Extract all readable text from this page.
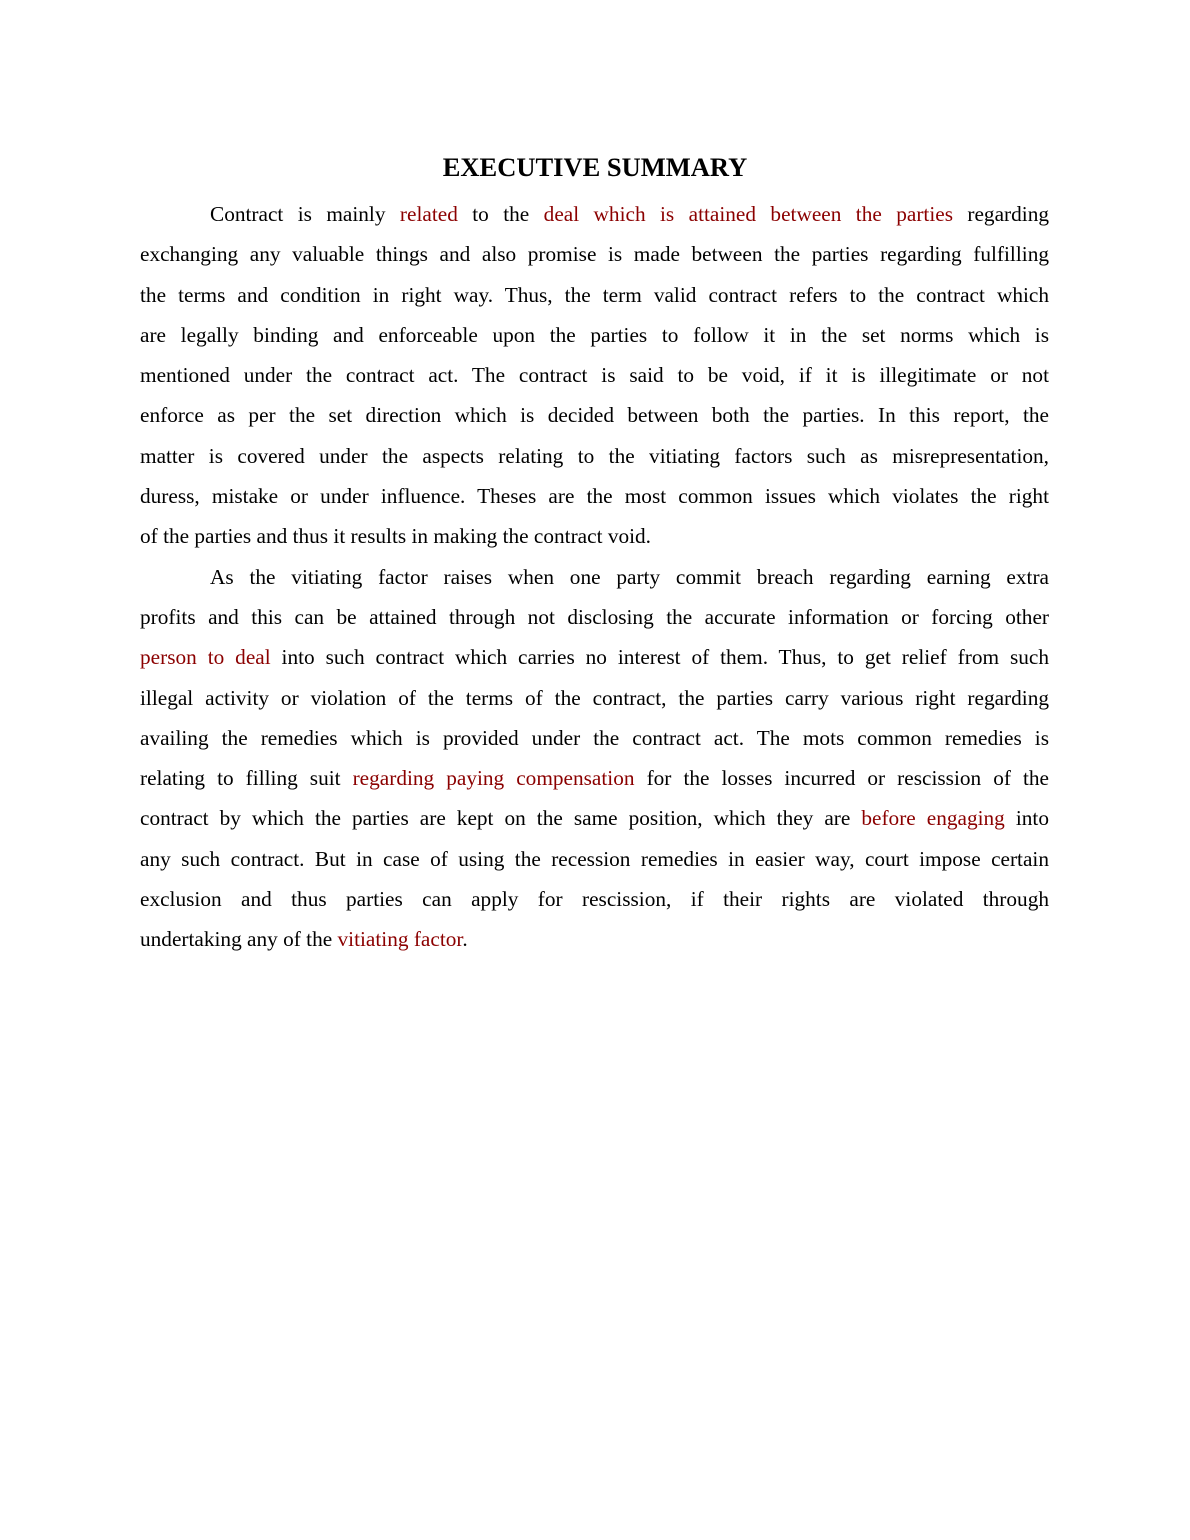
EXECUTIVE SUMMARY
Contract is mainly related to the deal which is attained between the parties regarding
exchanging any valuable things and also promise is made between the parties regarding fulfilling
the terms and condition in right way. Thus, the term valid contract refers to the contract which
are legally binding and enforceable upon the parties to follow it in the set norms which is
mentioned under the contract act. The contract is said to be void, if it is illegitimate or not
enforce as per the set direction which is decided between both the parties. In this report, the
matter is covered under the aspects relating to the vitiating factors such as misrepresentation,
duress, mistake or under influence. Theses are the most common issues which violates the right
of the parties and thus it results in making the contract void.
As the vitiating factor raises when one party commit breach regarding earning extra
profits and this can be attained through not disclosing the accurate information or forcing other
person to deal into such contract which carries no interest of them. Thus, to get relief from such
illegal activity or violation of the terms of the contract, the parties carry various right regarding
availing the remedies which is provided under the contract act. The mots common remedies is
relating to filling suit regarding paying compensation for the losses incurred or rescission of the
contract by which the parties are kept on the same position, which they are before engaging into
any such contract. But in case of using the recession remedies in easier way, court impose certain
exclusion and thus parties can apply for rescission, if their rights are violated through
undertaking any of the vitiating factor.
